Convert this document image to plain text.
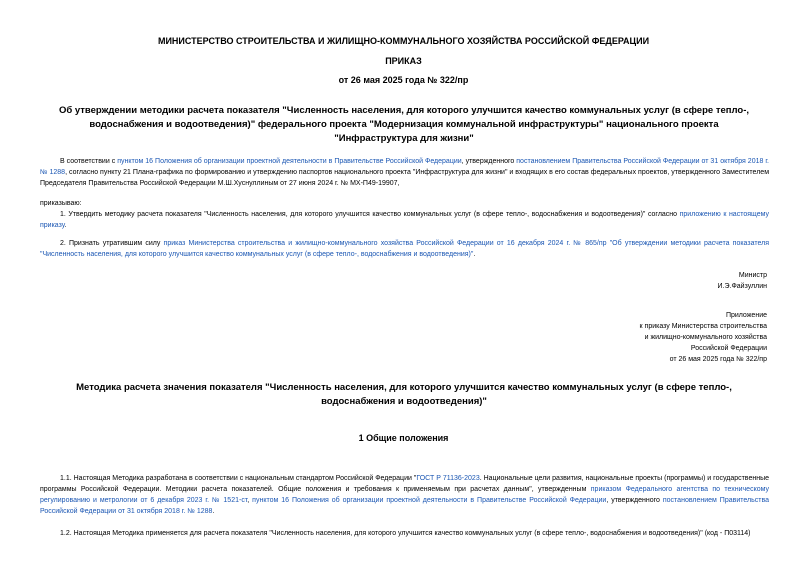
МИНИСТЕРСТВО СТРОИТЕЛЬСТВА И ЖИЛИЩНО-КОММУНАЛЬНОГО ХОЗЯЙСТВА РОССИЙСКОЙ ФЕДЕРАЦИИ
ПРИКАЗ
от 26 мая 2025 года № 322/пр
Об утверждении методики расчета показателя "Численность населения, для которого улучшится качество коммунальных услуг (в сфере тепло-, водоснабжения и водоотведения)" федерального проекта "Модернизация коммунальной инфраструктуры" национального проекта "Инфраструктура для жизни"
В соответствии с пунктом 16 Положения об организации проектной деятельности в Правительстве Российской Федерации, утвержденного постановлением Правительства Российской Федерации от 31 октября 2018 г. № 1288, согласно пункту 21 Плана-графика по формированию и утверждению паспортов национального проекта "Инфраструктура для жизни" и входящих в его состав федеральных проектов, утвержденного Заместителем Председателя Правительства Российской Федерации М.Ш.Хуснуллиным от 27 июня 2024 г. № МХ-П49-19907,
приказываю:
1. Утвердить методику расчета показателя "Численность населения, для которого улучшится качество коммунальных услуг (в сфере тепло-, водоснабжения и водоотведения)" согласно приложению к настоящему приказу.
2. Признать утратившим силу приказ Министерства строительства и жилищно-коммунального хозяйства Российской Федерации от 16 декабря 2024 г. № 865/пр "Об утверждении методики расчета показателя "Численность населения, для которого улучшится качество коммунальных услуг (в сфере тепло-, водоснабжения и водоотведения)".
Министр
И.Э.Файзуллин
Приложение
к приказу Министерства строительства
и жилищно-коммунального хозяйства
Российской Федерации
от 26 мая 2025 года № 322/пр
Методика расчета значения показателя "Численность населения, для которого улучшится качество коммунальных услуг (в сфере тепло-, водоснабжения и водоотведения)"
1 Общие положения
1.1. Настоящая Методика разработана в соответствии с национальным стандартом Российской Федерации "ГОСТ Р 71136-2023. Национальные цели развития, национальные проекты (программы) и государственные программы Российской Федерации. Методики расчета показателей. Общие положения и требования к применяемым при расчетах данным", утвержденным приказом Федерального агентства по техническому регулированию и метрологии от 6 декабря 2023 г. № 1521-ст, пунктом 16 Положения об организации проектной деятельности в Правительстве Российской Федерации, утвержденного постановлением Правительства Российской Федерации от 31 октября 2018 г. № 1288.
1.2. Настоящая Методика применяется для расчета показателя "Численность населения, для которого улучшится качество коммунальных услуг (в сфере тепло-, водоснабжения и водоотведения)" (код - П03114)
